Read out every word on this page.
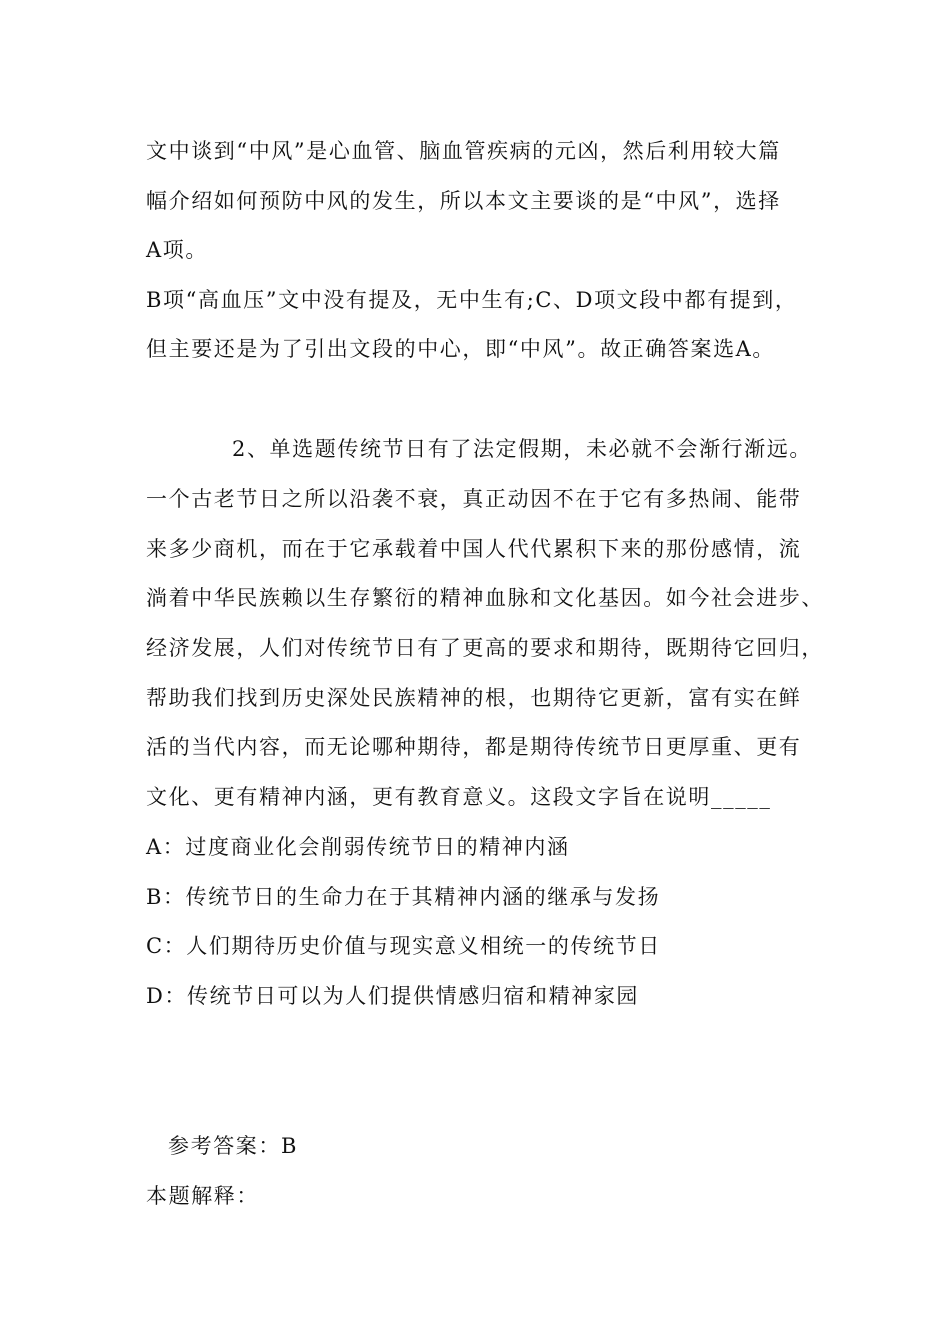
文中谈到“中风”是心血管、脑血管疾病的元凶，然后利用较大篇
幅介绍如何预防中风的发生，所以本文主要谈的是“中风”，选择
A项。
B项“高血压”文中没有提及，无中生有;C、D项文段中都有提到，
但主要还是为了引出文段的中心，即“中风”。故正确答案选A。
2、单选题传统节日有了法定假期，未必就不会渐行渐远。
一个古老节日之所以沿袭不衰，真正动因不在于它有多热闹、能带
来多少商机，而在于它承载着中国人代代累积下来的那份感情，流
淌着中华民族赖以生存繁衍的精神血脉和文化基因。如今社会进步、
经济发展，人们对传统节日有了更高的要求和期待，既期待它回归，
帮助我们找到历史深处民族精神的根，也期待它更新，富有实在鲜
活的当代内容，而无论哪种期待，都是期待传统节日更厚重、更有
文化、更有精神内涵，更有教育意义。这段文字旨在说明_____
A：过度商业化会削弱传统节日的精神内涵
B：传统节日的生命力在于其精神内涵的继承与发扬
C：人们期待历史价值与现实意义相统一的传统节日
D：传统节日可以为人们提供情感归宿和精神家园
参考答案：B
本题解释：
